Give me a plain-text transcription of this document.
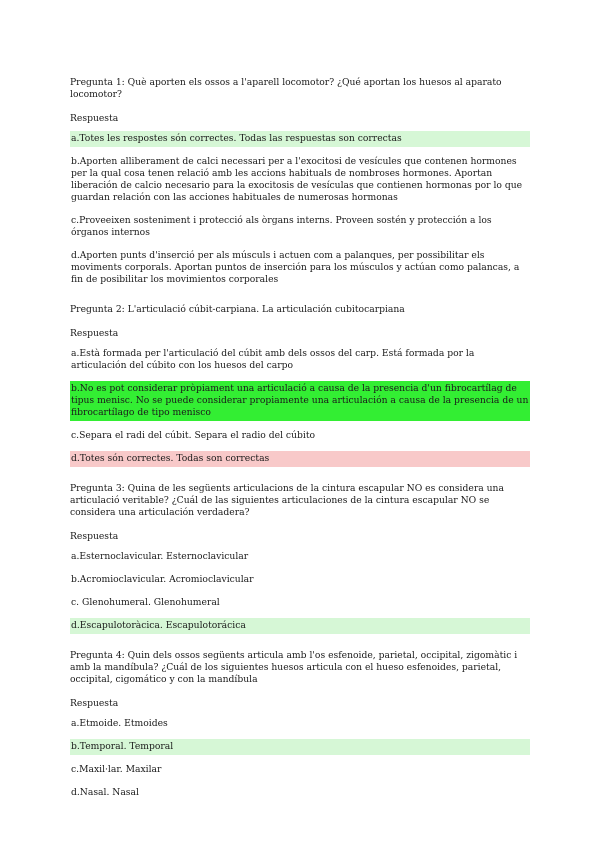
Pregunta 1: Què aporten els ossos a l'aparell locomotor? ¿Qué aportan los huesos al aparato locomotor?
Respuesta
a.Totes les respostes són correctes. Todas las respuestas son correctas
b.Aporten alliberament de calci necessari per a l'exocitosi de vesícules que contenen hormones per la qual cosa tenen relació amb les accions habituals de nombroses hormones. Aportan liberación de calcio necesario para la exocitosis de vesículas que contienen hormonas por lo que guardan relación con las acciones habituales de numerosas hormonas
c.Proveeixen sosteniment i protecció als òrgans interns. Proveen sostén y protección a los órganos internos
d.Aporten punts d'inserció per als músculs i actuen com a palanques, per possibilitar els moviments corporals. Aportan puntos de inserción para los músculos y actúan como palancas, a fin de posibilitar los movimientos corporales
Pregunta 2: L'articulació cúbit-carpiana. La articulación cubitocarpiana
Respuesta
a.Està formada per l'articulació del cúbit amb dels ossos del carp. Está formada por la articulación del cúbito con los huesos del carpo
b.No es pot considerar pròpiament una articulació a causa de la presencia d'un fibrocartílag de tipus menisc. No se puede considerar propiamente una articulación a causa de la presencia de un fibrocartílago de tipo menisco
c.Separa el radi del cúbit. Separa el radio del cúbito
d.Totes són correctes. Todas son correctas
Pregunta 3: Quina de les següents articulacions de la cintura escapular NO es considera una articulació veritable? ¿Cuál de las siguientes articulaciones de la cintura escapular NO se considera una articulación verdadera?
Respuesta
a.Esternoclavicular. Esternoclavicular
b.Acromioclavicular. Acromioclavicular
c. Glenohumeral. Glenohumeral
d.Escapulotoràcica. Escapulotorácica
Pregunta 4: Quin dels ossos següents articula amb l'os esfenoide, parietal, occipital, zigomàtic i amb la mandíbula? ¿Cuál de los siguientes huesos articula con el hueso esfenoides, parietal, occipital, cigomático y con la mandíbula
Respuesta
a.Etmoide. Etmoides
b.Temporal. Temporal
c.Maxil·lar. Maxilar
d.Nasal. Nasal
